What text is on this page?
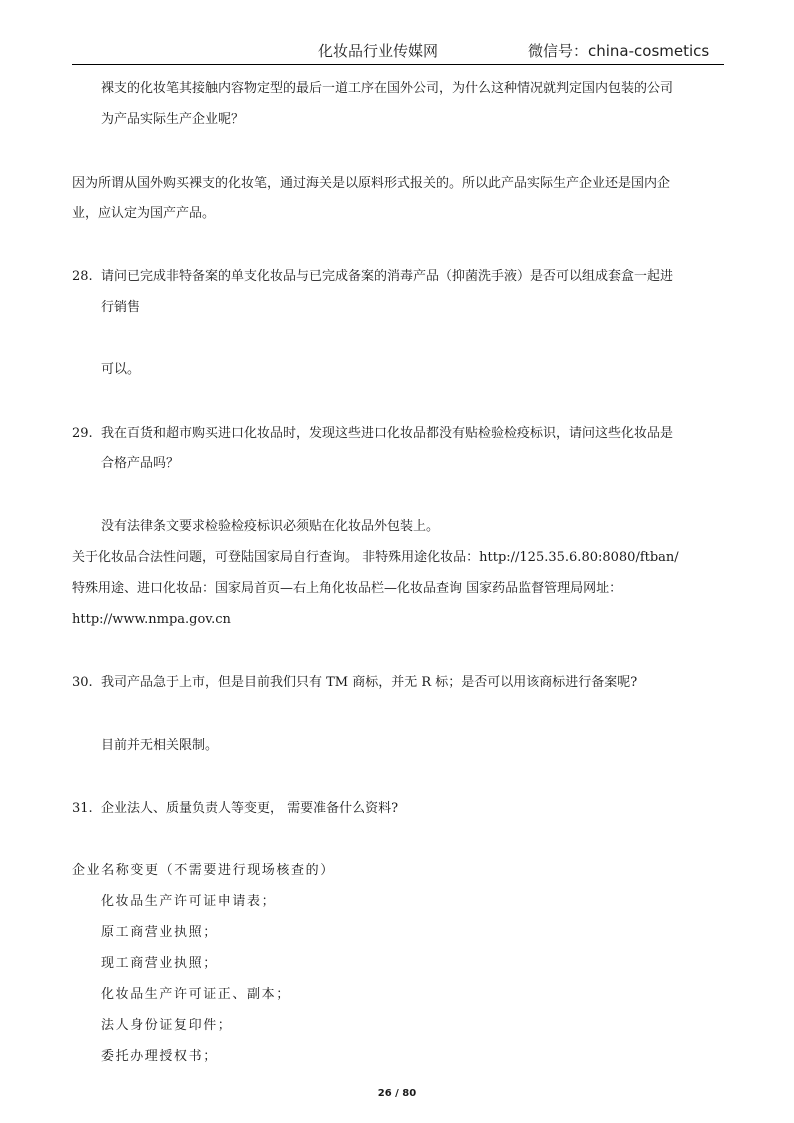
化妆品行业传媒网	微信号：china-cosmetics
裸支的化妆笔其接触内容物定型的最后一道工序在国外公司，为什么这种情况就判定国内包装的公司
为产品实际生产企业呢？
因为所谓从国外购买裸支的化妆笔，通过海关是以原料形式报关的。所以此产品实际生产企业还是国内企
业，应认定为国产产品。
28. 请问已完成非特备案的单支化妆品与已完成备案的消毒产品（抑菌洗手液）是否可以组成套盒一起进
行销售
可以。
29. 我在百货和超市购买进口化妆品时，发现这些进口化妆品都没有贴检验检疫标识，请问这些化妆品是
合格产品吗？
没有法律条文要求检验检疫标识必须贴在化妆品外包装上。
关于化妆品合法性问题，可登陆国家局自行查询。 非特殊用途化妆品：http://125.35.6.80:8080/ftban/
特殊用途、进口化妆品：国家局首页—右上角化妆品栏—化妆品查询 国家药品监督管理局网址：
http://www.nmpa.gov.cn
30. 我司产品急于上市，但是目前我们只有 TM 商标，并无 R 标；是否可以用该商标进行备案呢?
目前并无相关限制。
31. 企业法人、质量负责人等变更， 需要准备什么资料?
企业名称变更（不需要进行现场核查的）
化妆品生产许可证申请表；
原工商营业执照；
现工商营业执照；
化妆品生产许可证正、副本；
法人身份证复印件；
委托办理授权书；
26 / 80
